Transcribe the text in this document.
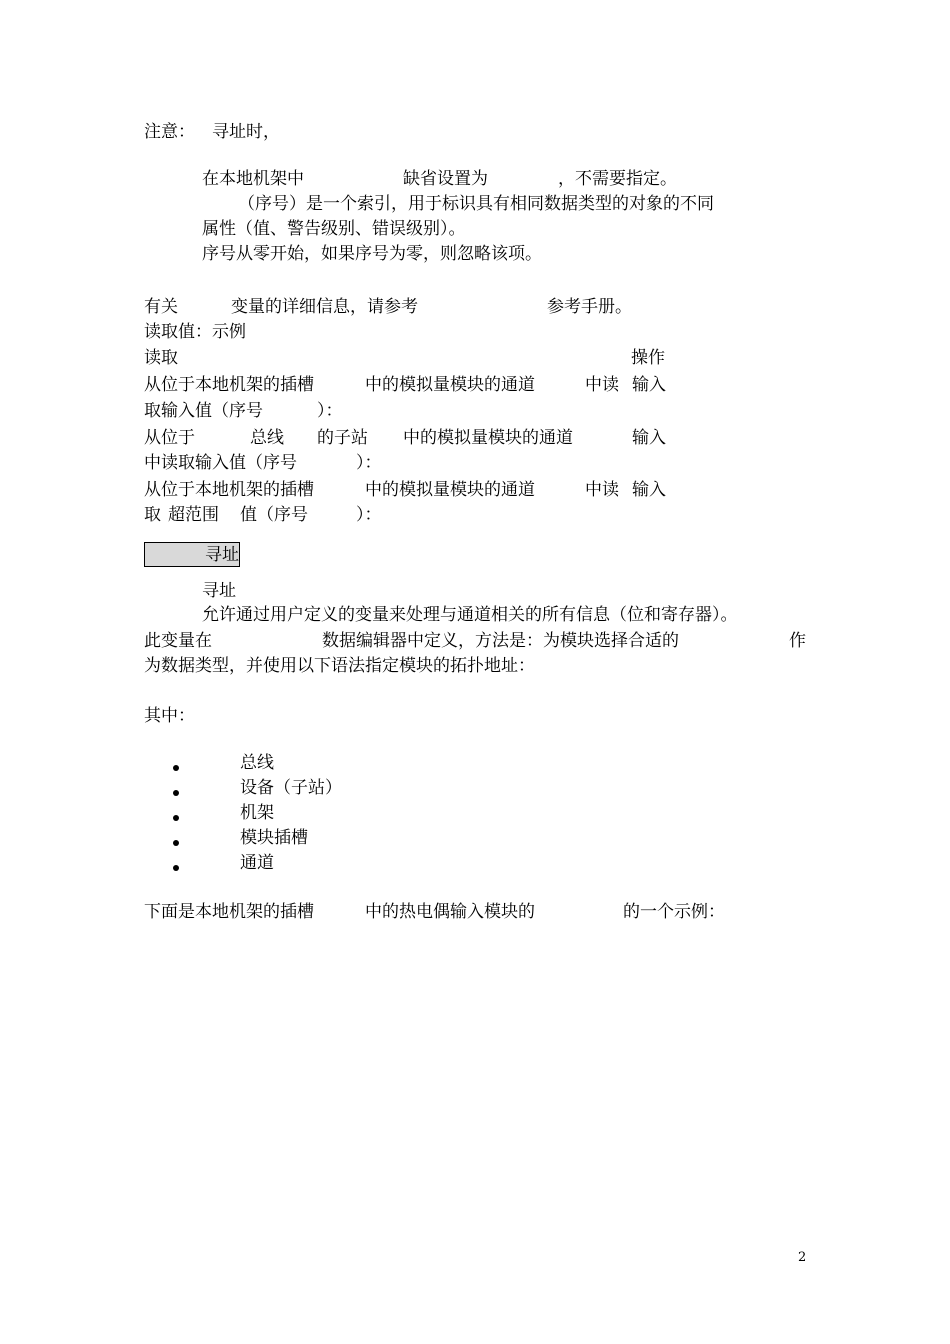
注意： 寻址时，
在本地机架中	缺省设置为	，不需要指定。
（序号）是一个索引，用于标识具有相同数据类型的对象的不同
属性（值、警告级别、错误级别）。
序号从零开始，如果序号为零，则忽略该项。
有关	变量的详细信息，请参考	参考手册。
读取值：示例
读取	操作
从位于本地机架的插槽	中的模拟量模块的通道	中读 输入
取输入值（序号	）：
从位于	总线 的子站 中的模拟量模块的通道	输入
中读取输入值（序号	）：
从位于本地机架的插槽	中的模拟量模块的通道	中读 输入
取 超范围 值（序号	）：
寻址
寻址
允许通过用户定义的变量来处理与通道相关的所有信息（位和寄存器）。
此变量在	数据编辑器中定义，方法是：为模块选择合适的	作
为数据类型，并使用以下语法指定模块的拓扑地址：
其中：
总线
设备（子站）
机架
模块插槽
通道
下面是本地机架的插槽	中的热电偶输入模块的	的一个示例：
2
